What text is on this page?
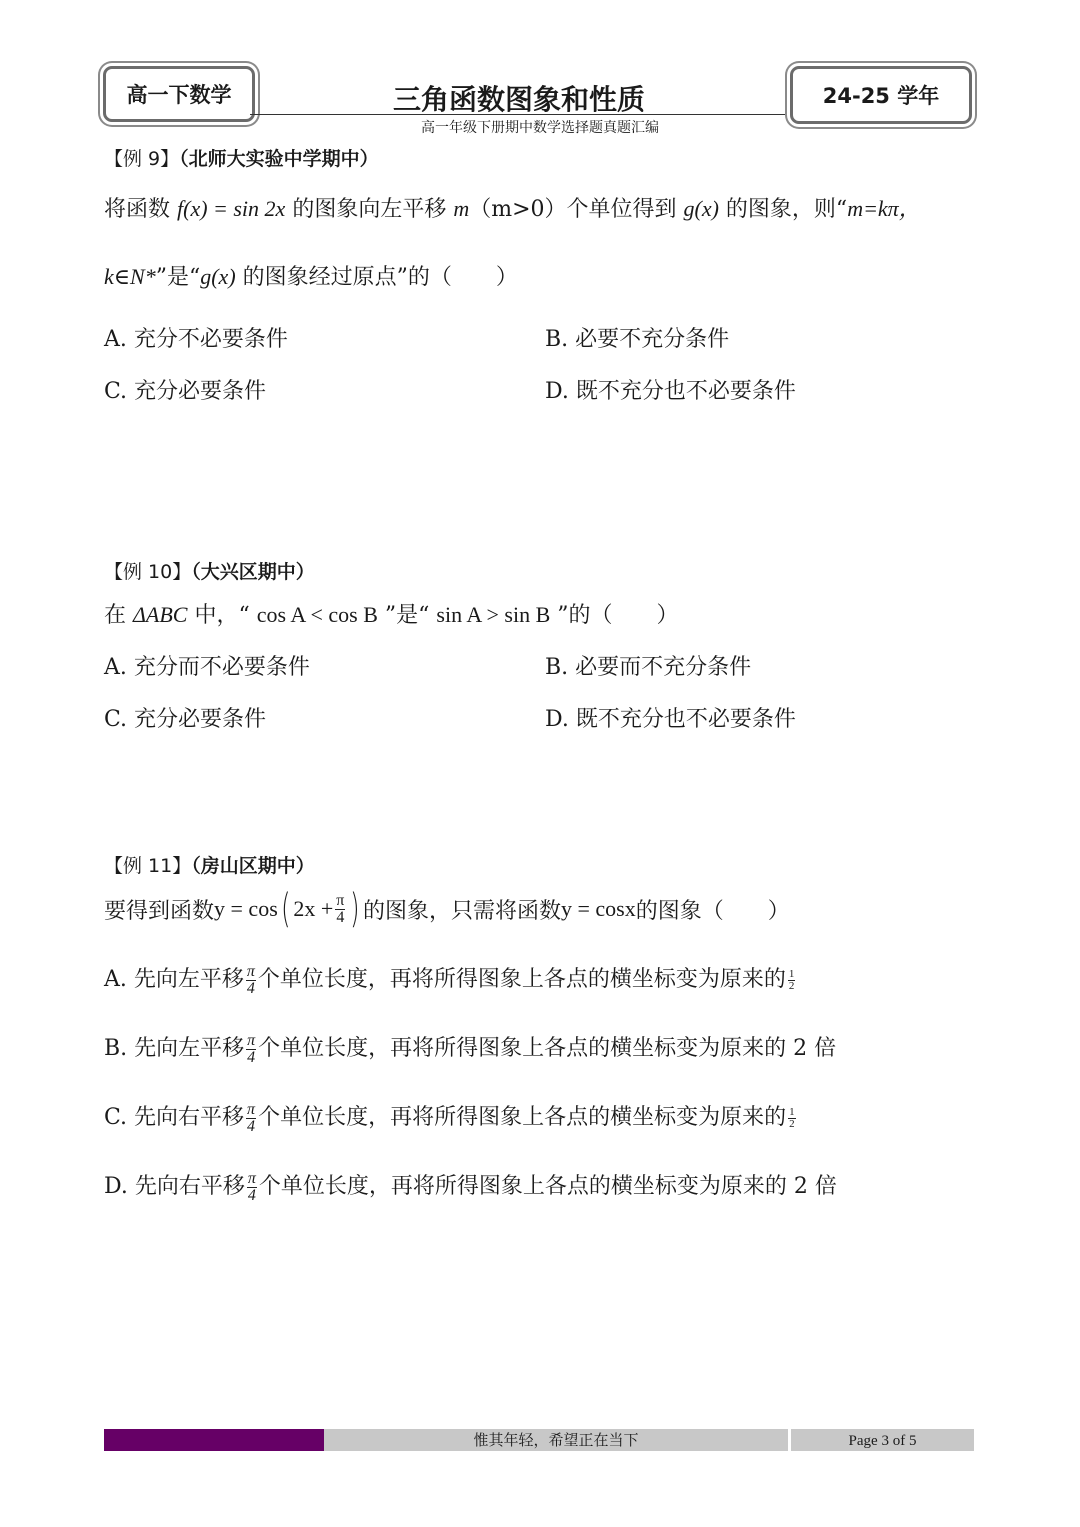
高一下数学	三角函数图象和性质
高一年级下册期中数学选择题真题汇编
24-25 学年
【例 9】（北师大实验中学期中）
将函数 f(x) = sin 2x 的图象向左平移 m（m>0）个单位得到 g(x) 的图象，则“m=kπ，
k∈N*”是“g(x) 的图象经过原点”的（　　）
A. 充分不必要条件	B. 必要不充分条件
C. 充分必要条件	D. 既不充分也不必要条件
【例 10】（大兴区期中）
在 ΔABC 中，“ cos A < cos B ”是“ sin A > sin B ”的（　　）
A. 充分而不必要条件	B. 必要而不充分条件
C. 充分必要条件	D. 既不充分也不必要条件
【例 11】（房山区期中）
要得到函数 y = cos ( $2x + \frac{\pi}{4}$ ) 的图象，只需将函数 y = cosx 的图象（　　）
A. 先向左平移 $\frac{\pi}{4}$ 个单位长度，再将所得图象上各点的横坐标变为原来的 $\frac{1}{2}$
B. 先向左平移 $\frac{\pi}{4}$ 个单位长度，再将所得图象上各点的横坐标变为原来的 2 倍
C. 先向右平移 $\frac{\pi}{4}$ 个单位长度，再将所得图象上各点的横坐标变为原来的 $\frac{1}{2}$
D. 先向右平移 $\frac{\pi}{4}$ 个单位长度，再将所得图象上各点的横坐标变为原来的 2 倍
惟其年轻，希望正在当下	Page 3 of 5
